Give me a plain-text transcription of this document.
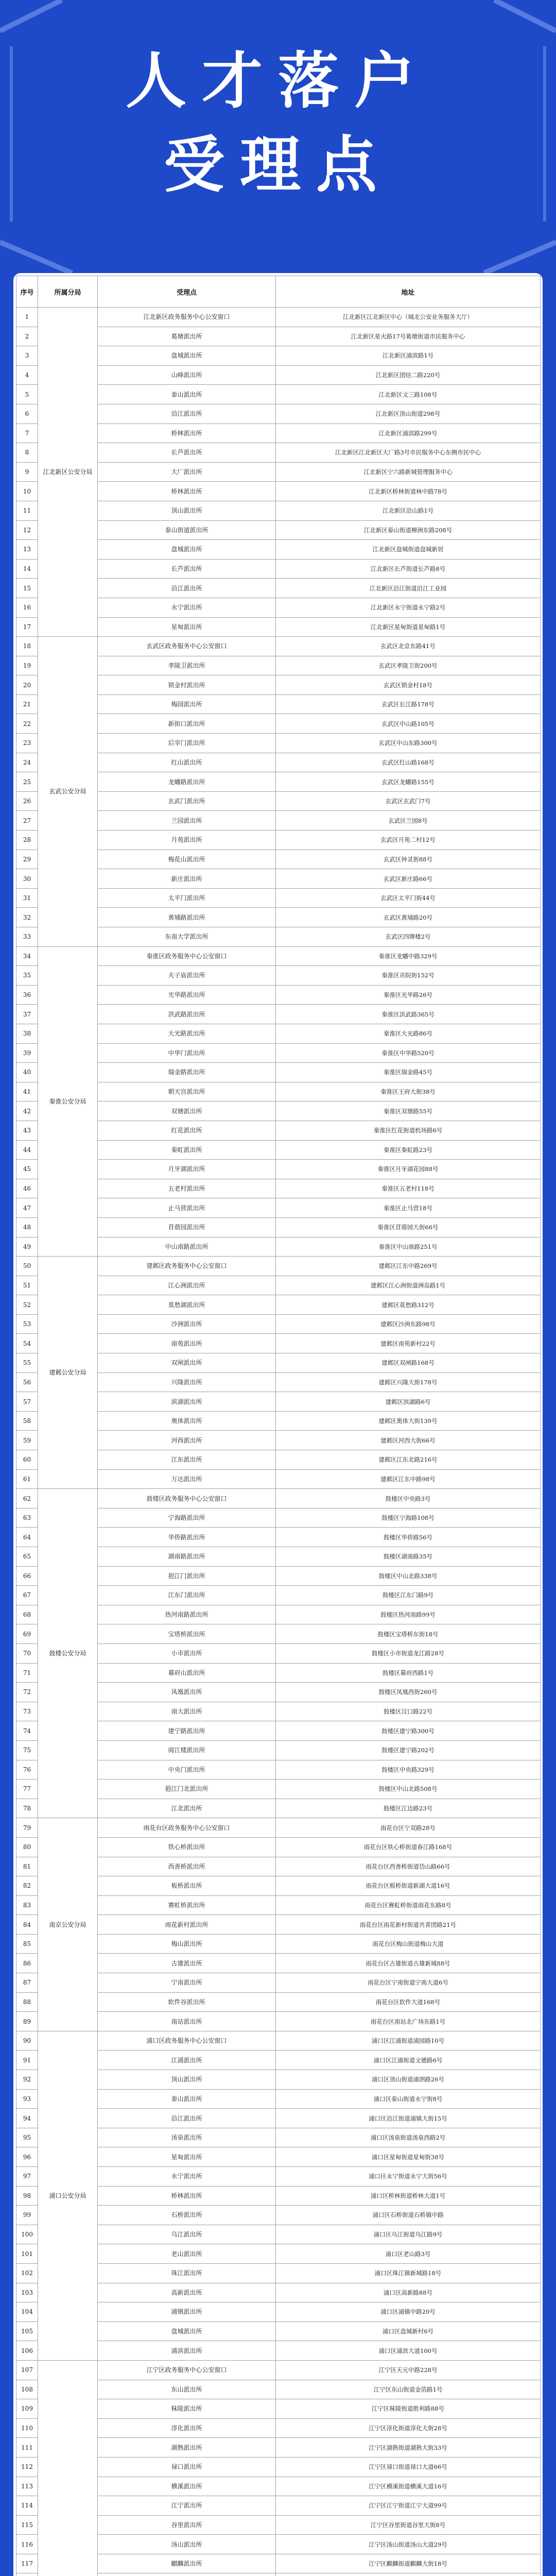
人才落户
受理点
序号	所属分局	受理点	地址
1	江北新区公安分局	江北新区政务服务中心公安窗口	江北新区江北新区中心（城北公安业务服务大厅）
2		葛塘派出所	江北新区星火路17号葛塘街道市民服务中心
3		盘城派出所	江北新区浦滨路1号
4		山峰派出所	江北新区团结二路220号
5		泰山派出所	江北新区文三路108号
6		沿江派出所	江北新区顶山街道298号
7		桥林派出所	江北新区浦滨路299号
8		长芦派出所	江北新区江北新区大厂路3号市民服务中心东侧市民中心
9		大厂派出所	江北新区宁六路新城管理服务中心
10		桥林派出所	江北新区桥林街道林中路78号
11		顶山派出所	江北新区沿山路1号
12		泰山街道派出所	江北新区泰山街道柳洲东路208号
13		盘城派出所	江北新区盘城街道盘城新居
14		长芦派出所	江北新区长芦街道长芦路8号
15		沿江派出所	江北新区沿江街道沿江工业园
16		永宁派出所	江北新区永宁街道永宁路2号
17		星甸派出所	江北新区星甸街道星甸路1号
18	玄武公安分局	玄武区政务服务中心公安窗口	玄武区北京东路41号
19		孝陵卫派出所	玄武区孝陵卫街200号
20		锁金村派出所	玄武区锁金村18号
21		梅园派出所	玄武区长江路178号
22		新街口派出所	玄武区中山路105号
23		后宰门派出所	玄武区中山东路300号
24		红山派出所	玄武区红山路168号
25		龙蟠路派出所	玄武区龙蟠路155号
26		玄武门派出所	玄武区玄武门7号
27		兰园派出所	玄武区兰园8号
28		月苑派出所	玄武区月苑二村12号
29		梅花山派出所	玄武区钟灵街88号
30		新庄派出所	玄武区新庄路66号
31		太平门派出所	玄武区太平门街44号
32		黄埔路派出所	玄武区黄埔路20号
33		东南大学派出所	玄武区四牌楼2号
34	秦淮公安分局	秦淮区政务服务中心公安窗口	秦淮区龙蟠中路329号
35		夫子庙派出所	秦淮区贡院街152号
36		光华路派出所	秦淮区光华路26号
37		洪武路派出所	秦淮区洪武路365号
38		大光路派出所	秦淮区大光路86号
39		中华门派出所	秦淮区中华路520号
40		瑞金路派出所	秦淮区瑞金路45号
41		朝天宫派出所	秦淮区王府大街38号
42		双塘派出所	秦淮区双塘路55号
43		红花派出所	秦淮区红花街道机场路6号
44		秦虹派出所	秦淮区秦虹路23号
45		月牙湖派出所	秦淮区月牙湖花园88号
46		五老村派出所	秦淮区五老村118号
47		止马营派出所	秦淮区止马营18号
48		苜蓿园派出所	秦淮区苜蓿园大街66号
49		中山南路派出所	秦淮区中山南路251号
50	建邺公安分局	建邺区政务服务中心公安窗口	建邺区江东中路269号
51		江心洲派出所	建邺区江心洲街道洲岛路1号
52		莫愁湖派出所	建邺区莫愁路312号
53		沙洲派出所	建邺区沙洲东路98号
54		南苑派出所	建邺区南苑新村22号
55		双闸派出所	建邺区双闸路168号
56		兴隆派出所	建邺区兴隆大街178号
57		滨湖派出所	建邺区滨湖路6号
58		奥体派出所	建邺区奥体大街139号
59		河西派出所	建邺区河西大街66号
60		江东派出所	建邺区江东北路216号
61		万达派出所	建邺区江东中路98号
62	鼓楼公安分局	鼓楼区政务服务中心公安窗口	鼓楼区中央路3号
63		宁海路派出所	鼓楼区宁海路108号
64		华侨路派出所	鼓楼区华侨路56号
65		湖南路派出所	鼓楼区湖南路35号
66		挹江门派出所	鼓楼区中山北路338号
67		江东门派出所	鼓楼区江东门路9号
68		热河南路派出所	鼓楼区热河南路99号
69		宝塔桥派出所	鼓楼区宝塔桥东街18号
70		小市派出所	鼓楼区小市街道龙江路28号
71		幕府山派出所	鼓楼区幕府西路1号
72		凤凰派出所	鼓楼区凤凰西街260号
73		南大派出所	鼓楼区汉口路22号
74		建宁路派出所	鼓楼区建宁路300号
75		阅江楼派出所	鼓楼区建宁路202号
76		中央门派出所	鼓楼区中央路329号
77		挹江门北派出所	鼓楼区中山北路508号
78		江北派出所	鼓楼区江边路23号
79	南京公安分局	雨花台区政务服务中心公安窗口	雨花台区宁双路28号
80		铁心桥派出所	雨花台区铁心桥街道春江路168号
81		西善桥派出所	雨花台区西善桥街道岱山路66号
82		板桥派出所	雨花台区板桥街道新湖大道16号
83		赛虹桥派出所	雨花台区赛虹桥街道雨花东路8号
84		雨花新村派出所	雨花台区雨花新村街道共青团路21号
85		梅山派出所	雨花台区梅山街道梅山大道
86		古雄派出所	雨花台区古雄街道古雄新城88号
87		宁南派出所	雨花台区宁南街道宁南大道6号
88		软件谷派出所	雨花台区软件大道168号
89		南站派出所	雨花台区南站北广场东路1号
90	浦口公安分局	浦口区政务服务中心公安窗口	浦口区江浦街道浦园路10号
91		江浦派出所	浦口区江浦街道文德路6号
92		顶山派出所	浦口区顶山街道浦泗路26号
93		泰山派出所	浦口区泰山街道永宁街8号
94		沿江派出所	浦口区沿江街道浦镇大街15号
95		汤泉派出所	浦口区汤泉街道汤泉西路2号
96		星甸派出所	浦口区星甸街道星甸街38号
97		永宁派出所	浦口区永宁街道永宁大街56号
98		桥林派出所	浦口区桥林街道桥林大道1号
99		石桥派出所	浦口区石桥街道石桥镇中路
100		乌江派出所	浦口区乌江街道乌江路9号
101		老山派出所	浦口区老山路3号
102		珠江派出所	浦口区珠江镇新城路18号
103		高新派出所	浦口区高新路88号
104		浦镇派出所	浦口区浦镇中路20号
105		盘城派出所	浦口区盘城新村6号
106		浦滨派出所	浦口区浦滨大道100号
107		江宁区政务服务中心公安窗口	江宁区天元中路228号
108		东山派出所	江宁区东山街道金箔路1号
109		秣陵派出所	江宁区秣陵街道胜利路88号
110		淳化派出所	江宁区淳化街道淳化大街28号
111		湖熟派出所	江宁区湖熟街道湖熟大街33号
112		禄口派出所	江宁区禄口街道禄口大道66号
113		横溪派出所	江宁区横溪街道横溪大道16号
114		江宁派出所	江宁区江宁街道江宁大道99号
115		谷里派出所	江宁区谷里街道谷里大街8号
116		汤山派出所	江宁区汤山街道汤山大道29号
117		麒麟派出所	江宁区麒麟街道麒麟大街18号
